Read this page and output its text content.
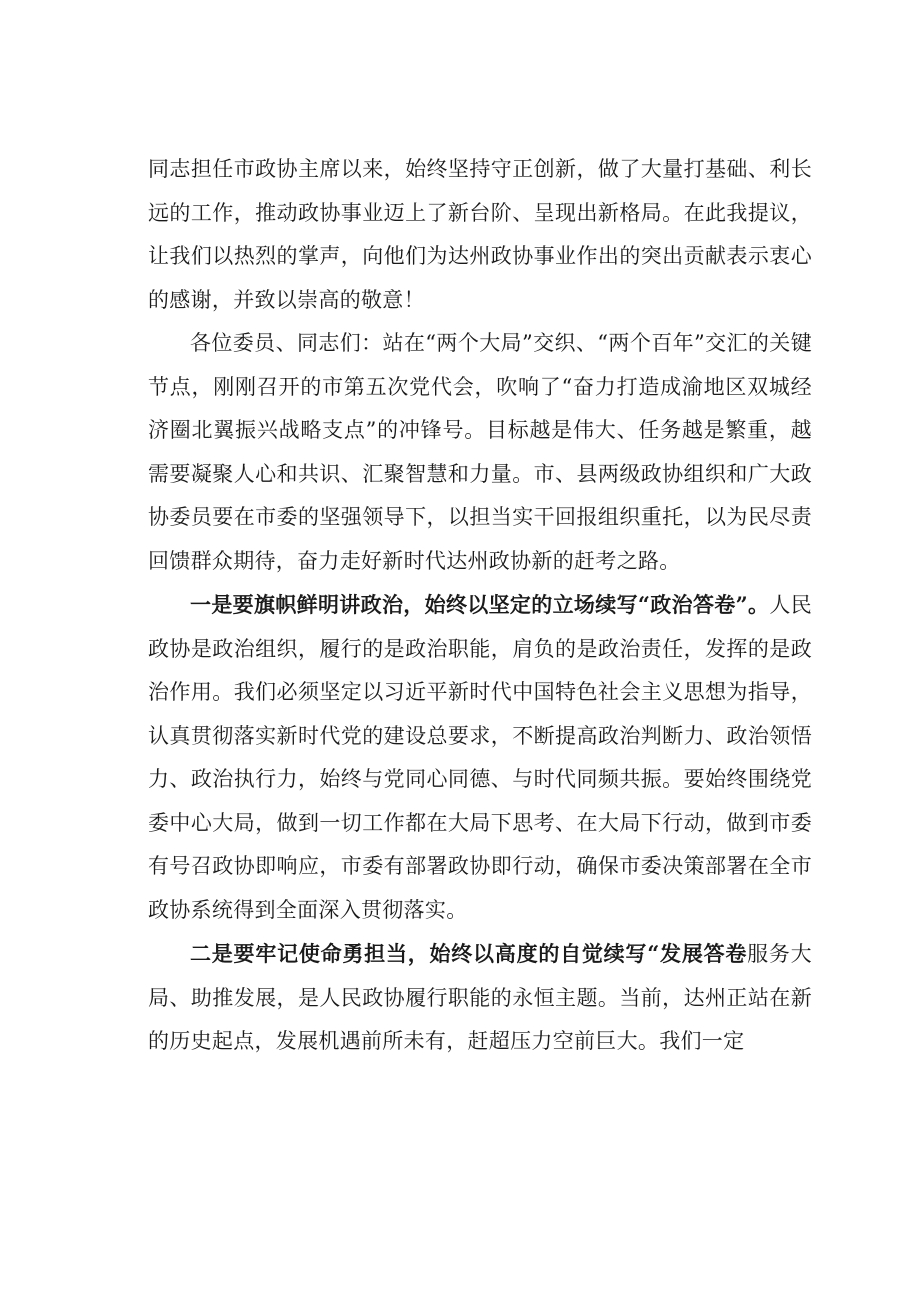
同志担任市政协主席以来，始终坚持守正创新，做了大量打基础、利长远的工作，推动政协事业迈上了新台阶、呈现出新格局。在此我提议，让我们以热烈的掌声，向他们为达州政协事业作出的突出贡献表示衷心的感谢，并致以崇高的敬意！

各位委员、同志们：站在“两个大局”交织、“两个百年”交汇的关键节点，刚刚召开的市第五次党代会，吹响了“奋力打造成渝地区双城经济圈北翼振兴战略支点”的冲锋号。目标越是伟大、任务越是繁重，越需要凝聚人心和共识、汇聚智慧和力量。市、县两级政协组织和广大政协委员要在市委的坚强领导下，以担当实干回报组织重托，以为民尽责回馈群众期待，奋力走好新时代达州政协新的赶考之路。

一是要旗帜鲜明讲政治，始终以坚定的立场续写“政治答卷”。人民政协是政治组织，履行的是政治职能，肩负的是政治责任，发挥的是政治作用。我们必须坚定以习近平新时代中国特色社会主义思想为指导，认真贯彻落实新时代党的建设总要求，不断提高政治判断力、政治领悟力、政治执行力，始终与党同心同德、与时代同频共振。要始终围绕党委中心大局，做到一切工作都在大局下思考、在大局下行动，做到市委有号召政协即响应，市委有部署政协即行动，确保市委决策部署在全市政协系统得到全面深入贯彻落实。

二是要牢记使命勇担当，始终以高度的自觉续写“发展答卷服务大局、助推发展，是人民政协履行职能的永恒主题。当前，达州正站在新的历史起点，发展机遇前所未有，赶超压力空前巨大。我们一定
